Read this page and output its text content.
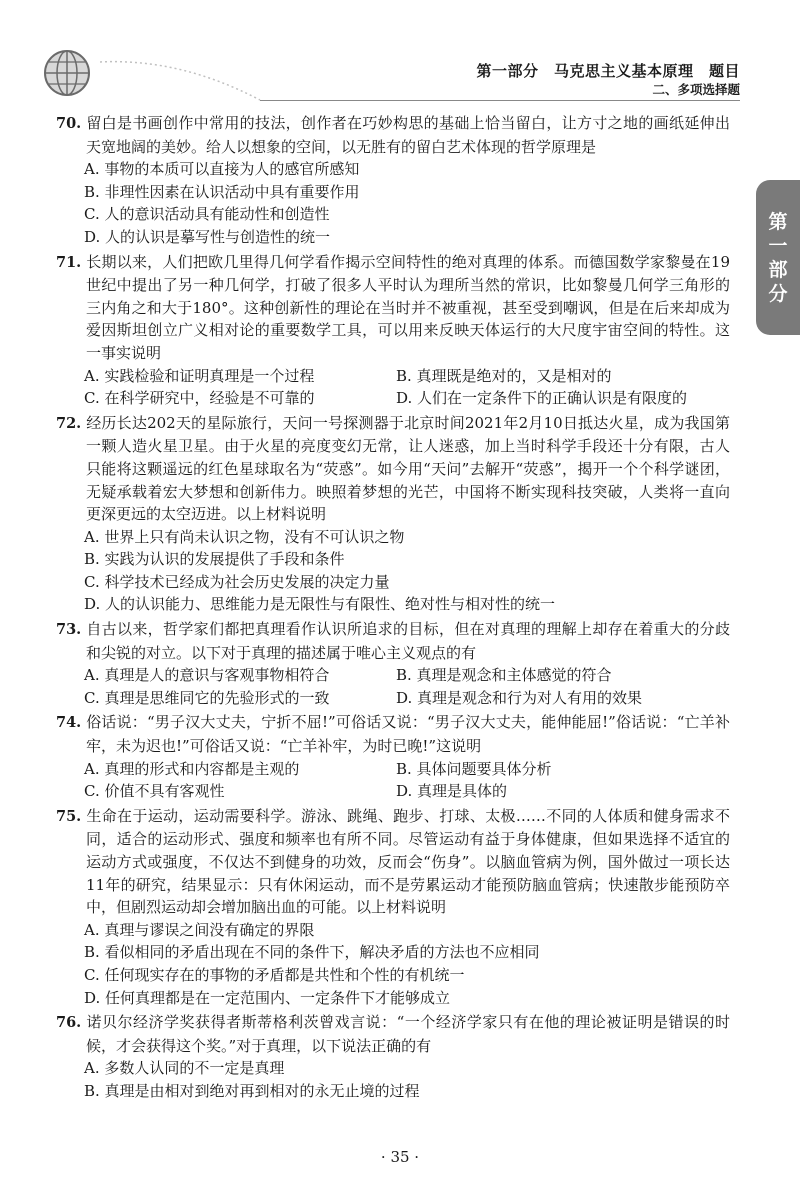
第一部分　马克思主义基本原理　题目
二、多项选择题
第
一
部
分
70. 留白是书画创作中常用的技法，创作者在巧妙构思的基础上恰当留白，让方寸之地的画纸延伸出天宽地阔的美妙。给人以想象的空间，以无胜有的留白艺术体现的哲学原理是
A. 事物的本质可以直接为人的感官所感知
B. 非理性因素在认识活动中具有重要作用
C. 人的意识活动具有能动性和创造性
D. 人的认识是摹写性与创造性的统一
71. 长期以来，人们把欧几里得几何学看作揭示空间特性的绝对真理的体系。而德国数学家黎曼在19世纪中提出了另一种几何学，打破了很多人平时认为理所当然的常识，比如黎曼几何学三角形的三内角之和大于180°。这种创新性的理论在当时并不被重视，甚至受到嘲讽，但是在后来却成为爱因斯坦创立广义相对论的重要数学工具，可以用来反映天体运行的大尺度宇宙空间的特性。这一事实说明
A. 实践检验和证明真理是一个过程	B. 真理既是绝对的，又是相对的
C. 在科学研究中，经验是不可靠的	D. 人们在一定条件下的正确认识是有限度的
72. 经历长达202天的星际旅行，天问一号探测器于北京时间2021年2月10日抵达火星，成为我国第一颗人造火星卫星。由于火星的亮度变幻无常，让人迷惑，加上当时科学手段还十分有限，古人只能将这颗遥远的红色星球取名为“荧惑”。如今用“天问”去解开“荧惑”，揭开一个个科学谜团，无疑承载着宏大梦想和创新伟力。映照着梦想的光芒，中国将不断实现科技突破，人类将一直向更深更远的太空迈进。以上材料说明
A. 世界上只有尚未认识之物，没有不可认识之物
B. 实践为认识的发展提供了手段和条件
C. 科学技术已经成为社会历史发展的决定力量
D. 人的认识能力、思维能力是无限性与有限性、绝对性与相对性的统一
73. 自古以来，哲学家们都把真理看作认识所追求的目标，但在对真理的理解上却存在着重大的分歧和尖锐的对立。以下对于真理的描述属于唯心主义观点的有
A. 真理是人的意识与客观事物相符合	B. 真理是观念和主体感觉的符合
C. 真理是思维同它的先验形式的一致	D. 真理是观念和行为对人有用的效果
74. 俗话说：“男子汉大丈夫，宁折不屈!”可俗话又说：“男子汉大丈夫，能伸能屈!”俗话说：“亡羊补牢，未为迟也!”可俗话又说：“亡羊补牢，为时已晚!”这说明
A. 真理的形式和内容都是主观的	B. 具体问题要具体分析
C. 价值不具有客观性	D. 真理是具体的
75. 生命在于运动，运动需要科学。游泳、跳绳、跑步、打球、太极……不同的人体质和健身需求不同，适合的运动形式、强度和频率也有所不同。尽管运动有益于身体健康，但如果选择不适宜的运动方式或强度，不仅达不到健身的功效，反而会“伤身”。以脑血管病为例，国外做过一项长达11年的研究，结果显示：只有休闲运动，而不是劳累运动才能预防脑血管病；快速散步能预防卒中，但剧烈运动却会增加脑出血的可能。以上材料说明
A. 真理与谬误之间没有确定的界限
B. 看似相同的矛盾出现在不同的条件下，解决矛盾的方法也不应相同
C. 任何现实存在的事物的矛盾都是共性和个性的有机统一
D. 任何真理都是在一定范围内、一定条件下才能够成立
76. 诺贝尔经济学奖获得者斯蒂格利茨曾戏言说：“一个经济学家只有在他的理论被证明是错误的时候，才会获得这个奖。”对于真理，以下说法正确的有
A. 多数人认同的不一定是真理
B. 真理是由相对到绝对再到相对的永无止境的过程
· 35 ·
